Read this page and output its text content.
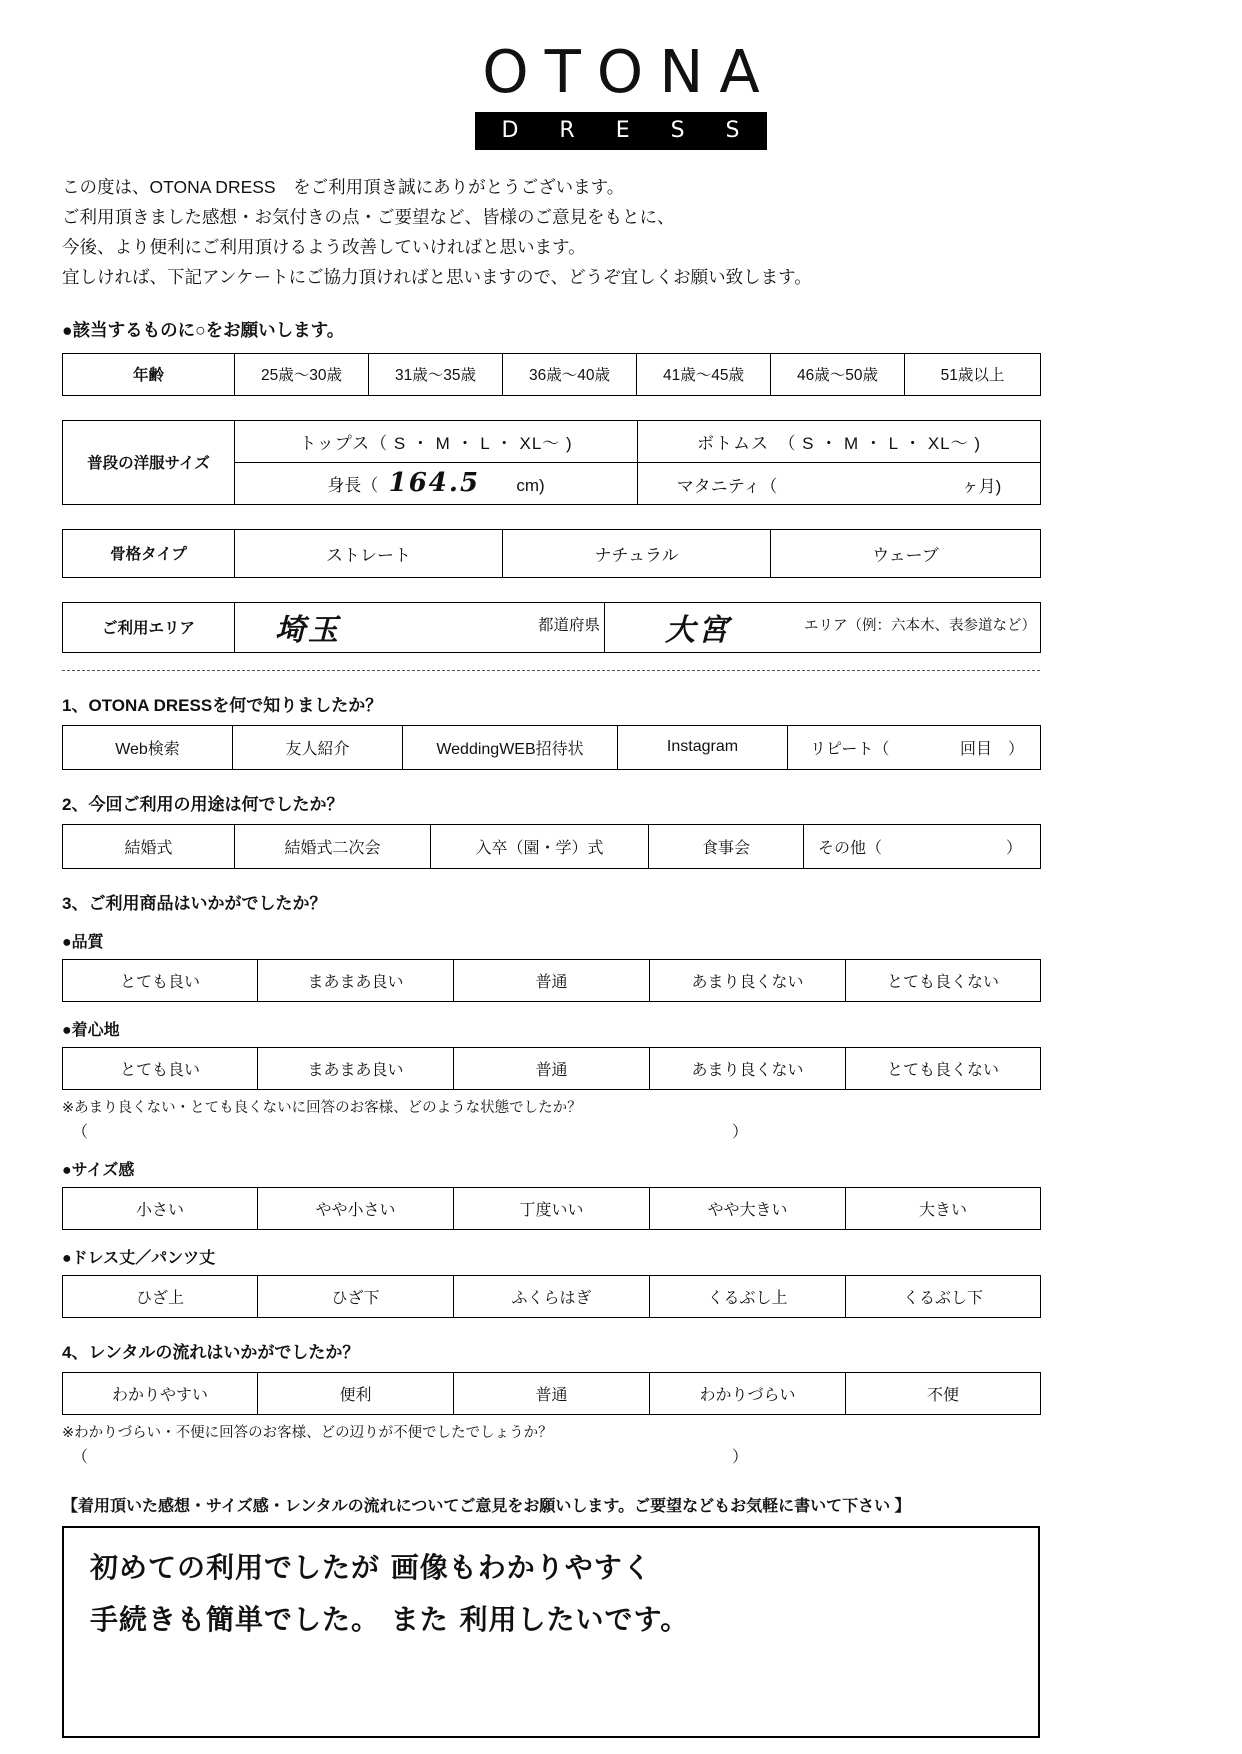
OTONA
D R E S S
この度は、OTONA DRESS　をご利用頂き誠にありがとうございます。
ご利用頂きました感想・お気付きの点・ご要望など、皆様のご意見をもとに、
今後、より便利にご利用頂けるよう改善していければと思います。
宜しければ、下記アンケートにご協力頂ければと思いますので、どうぞ宜しくお願い致します。
●該当するものに○をお願いします。
年齢	25歳～30歳	31歳～35歳	36歳～40歳	41歳～45歳	46歳～50歳	51歳以上
普段の洋服サイズ	トップス（ S ・ M ・ L ・ XL～ )	ボトムス　（ S ・ M ・ L ・ XL～ )
	身長（ 164.5 cm)	マタニティ（ ヶ月)
骨格タイプ	ストレート	ナチュラル	ウェーブ
ご利用エリア	埼玉	都道府県	大宮	エリア（例：六本木、表参道など）
1、OTONA DRESSを何で知りましたか？
Web検索	友人紹介	WeddingWEB招待状	Instagram	リピート（	回目　）
2、今回ご利用の用途は何でしたか？
結婚式	結婚式二次会	入卒（園・学）式	食事会	その他（	）
3、ご利用商品はいかがでしたか？
●品質
とても良い	まあまあ良い	普通	あまり良くない	とても良くない
●着心地
とても良い	まあまあ良い	普通	あまり良くない	とても良くない
※あまり良くない・とても良くないに回答のお客様、どのような状態でしたか？
（	）
●サイズ感
小さい	やや小さい	丁度いい	やや大きい	大きい
●ドレス丈／パンツ丈
ひざ上	ひざ下	ふくらはぎ	くるぶし上	くるぶし下
4、レンタルの流れはいかがでしたか？
わかりやすい	便利	普通	わかりづらい	不便
※わかりづらい・不便に回答のお客様、どの辺りが不便でしたでしょうか？
（	）
【着用頂いた感想・サイズ感・レンタルの流れについてご意見をお願いします。ご要望などもお気軽に書いて下さい 】
初めての利用でしたが 画像もわかりやすく
手続きも簡単でした。 また 利用したいです。
